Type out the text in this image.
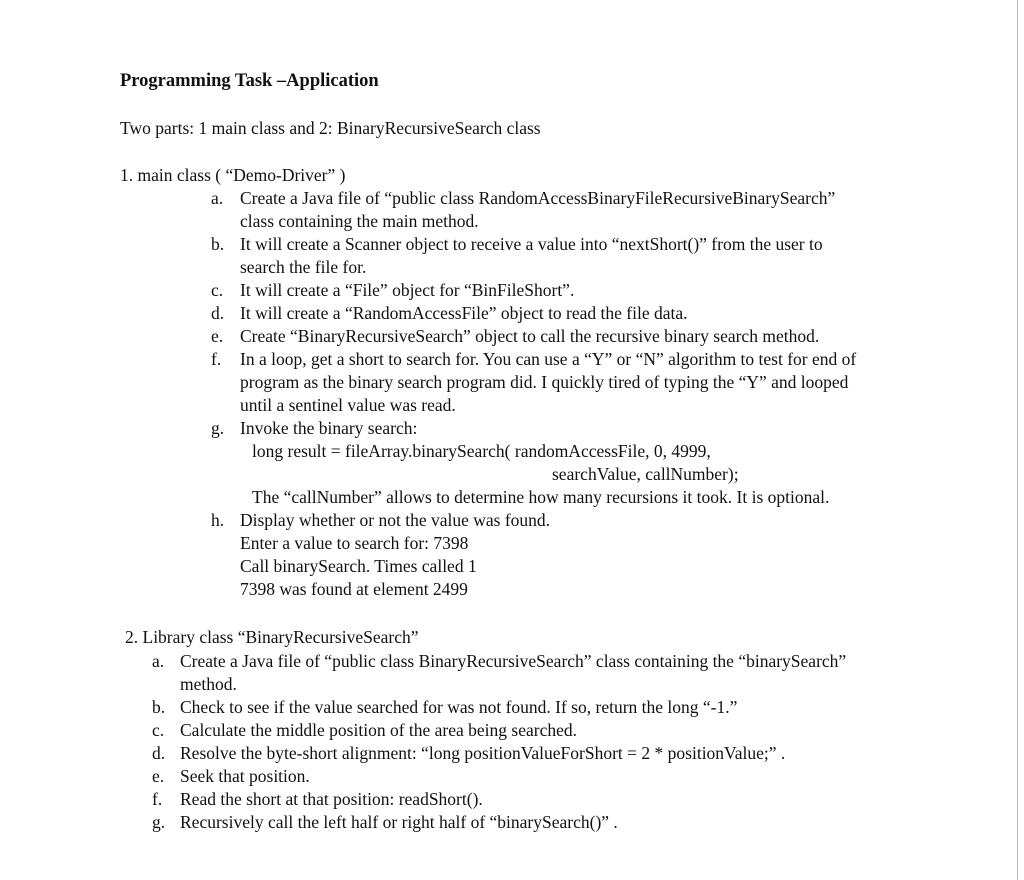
Programming Task –Application
Two parts: 1 main class and 2: BinaryRecursiveSearch class
1. main class ( “Demo-Driver” )
a. Create a Java file of “public class RandomAccessBinaryFileRecursiveBinarySearch”
class containing the main method.
b. It will create a Scanner object to receive a value into “nextShort()” from the user to
search the file for.
c. It will create a “File” object for “BinFileShort”.
d. It will create a “RandomAccessFile” object to read the file data.
e. Create “BinaryRecursiveSearch” object to call the recursive binary search method.
f. In a loop, get a short to search for. You can use a “Y” or “N” algorithm to test for end of
program as the binary search program did. I quickly tired of typing the “Y” and looped
until a sentinel value was read.
g. Invoke the binary search:
long result = fileArray.binarySearch( randomAccessFile, 0, 4999,
searchValue, callNumber);
The “callNumber” allows to determine how many recursions it took. It is optional.
h. Display whether or not the value was found.
Enter a value to search for: 7398
Call binarySearch. Times called 1
7398 was found at element 2499
2. Library class “BinaryRecursiveSearch”
a. Create a Java file of “public class BinaryRecursiveSearch” class containing the “binarySearch”
method.
b. Check to see if the value searched for was not found. If so, return the long “-1.”
c. Calculate the middle position of the area being searched.
d. Resolve the byte-short alignment: “long positionValueForShort = 2 * positionValue;” .
e. Seek that position.
f. Read the short at that position: readShort().
g. Recursively call the left half or right half of “binarySearch()” .
